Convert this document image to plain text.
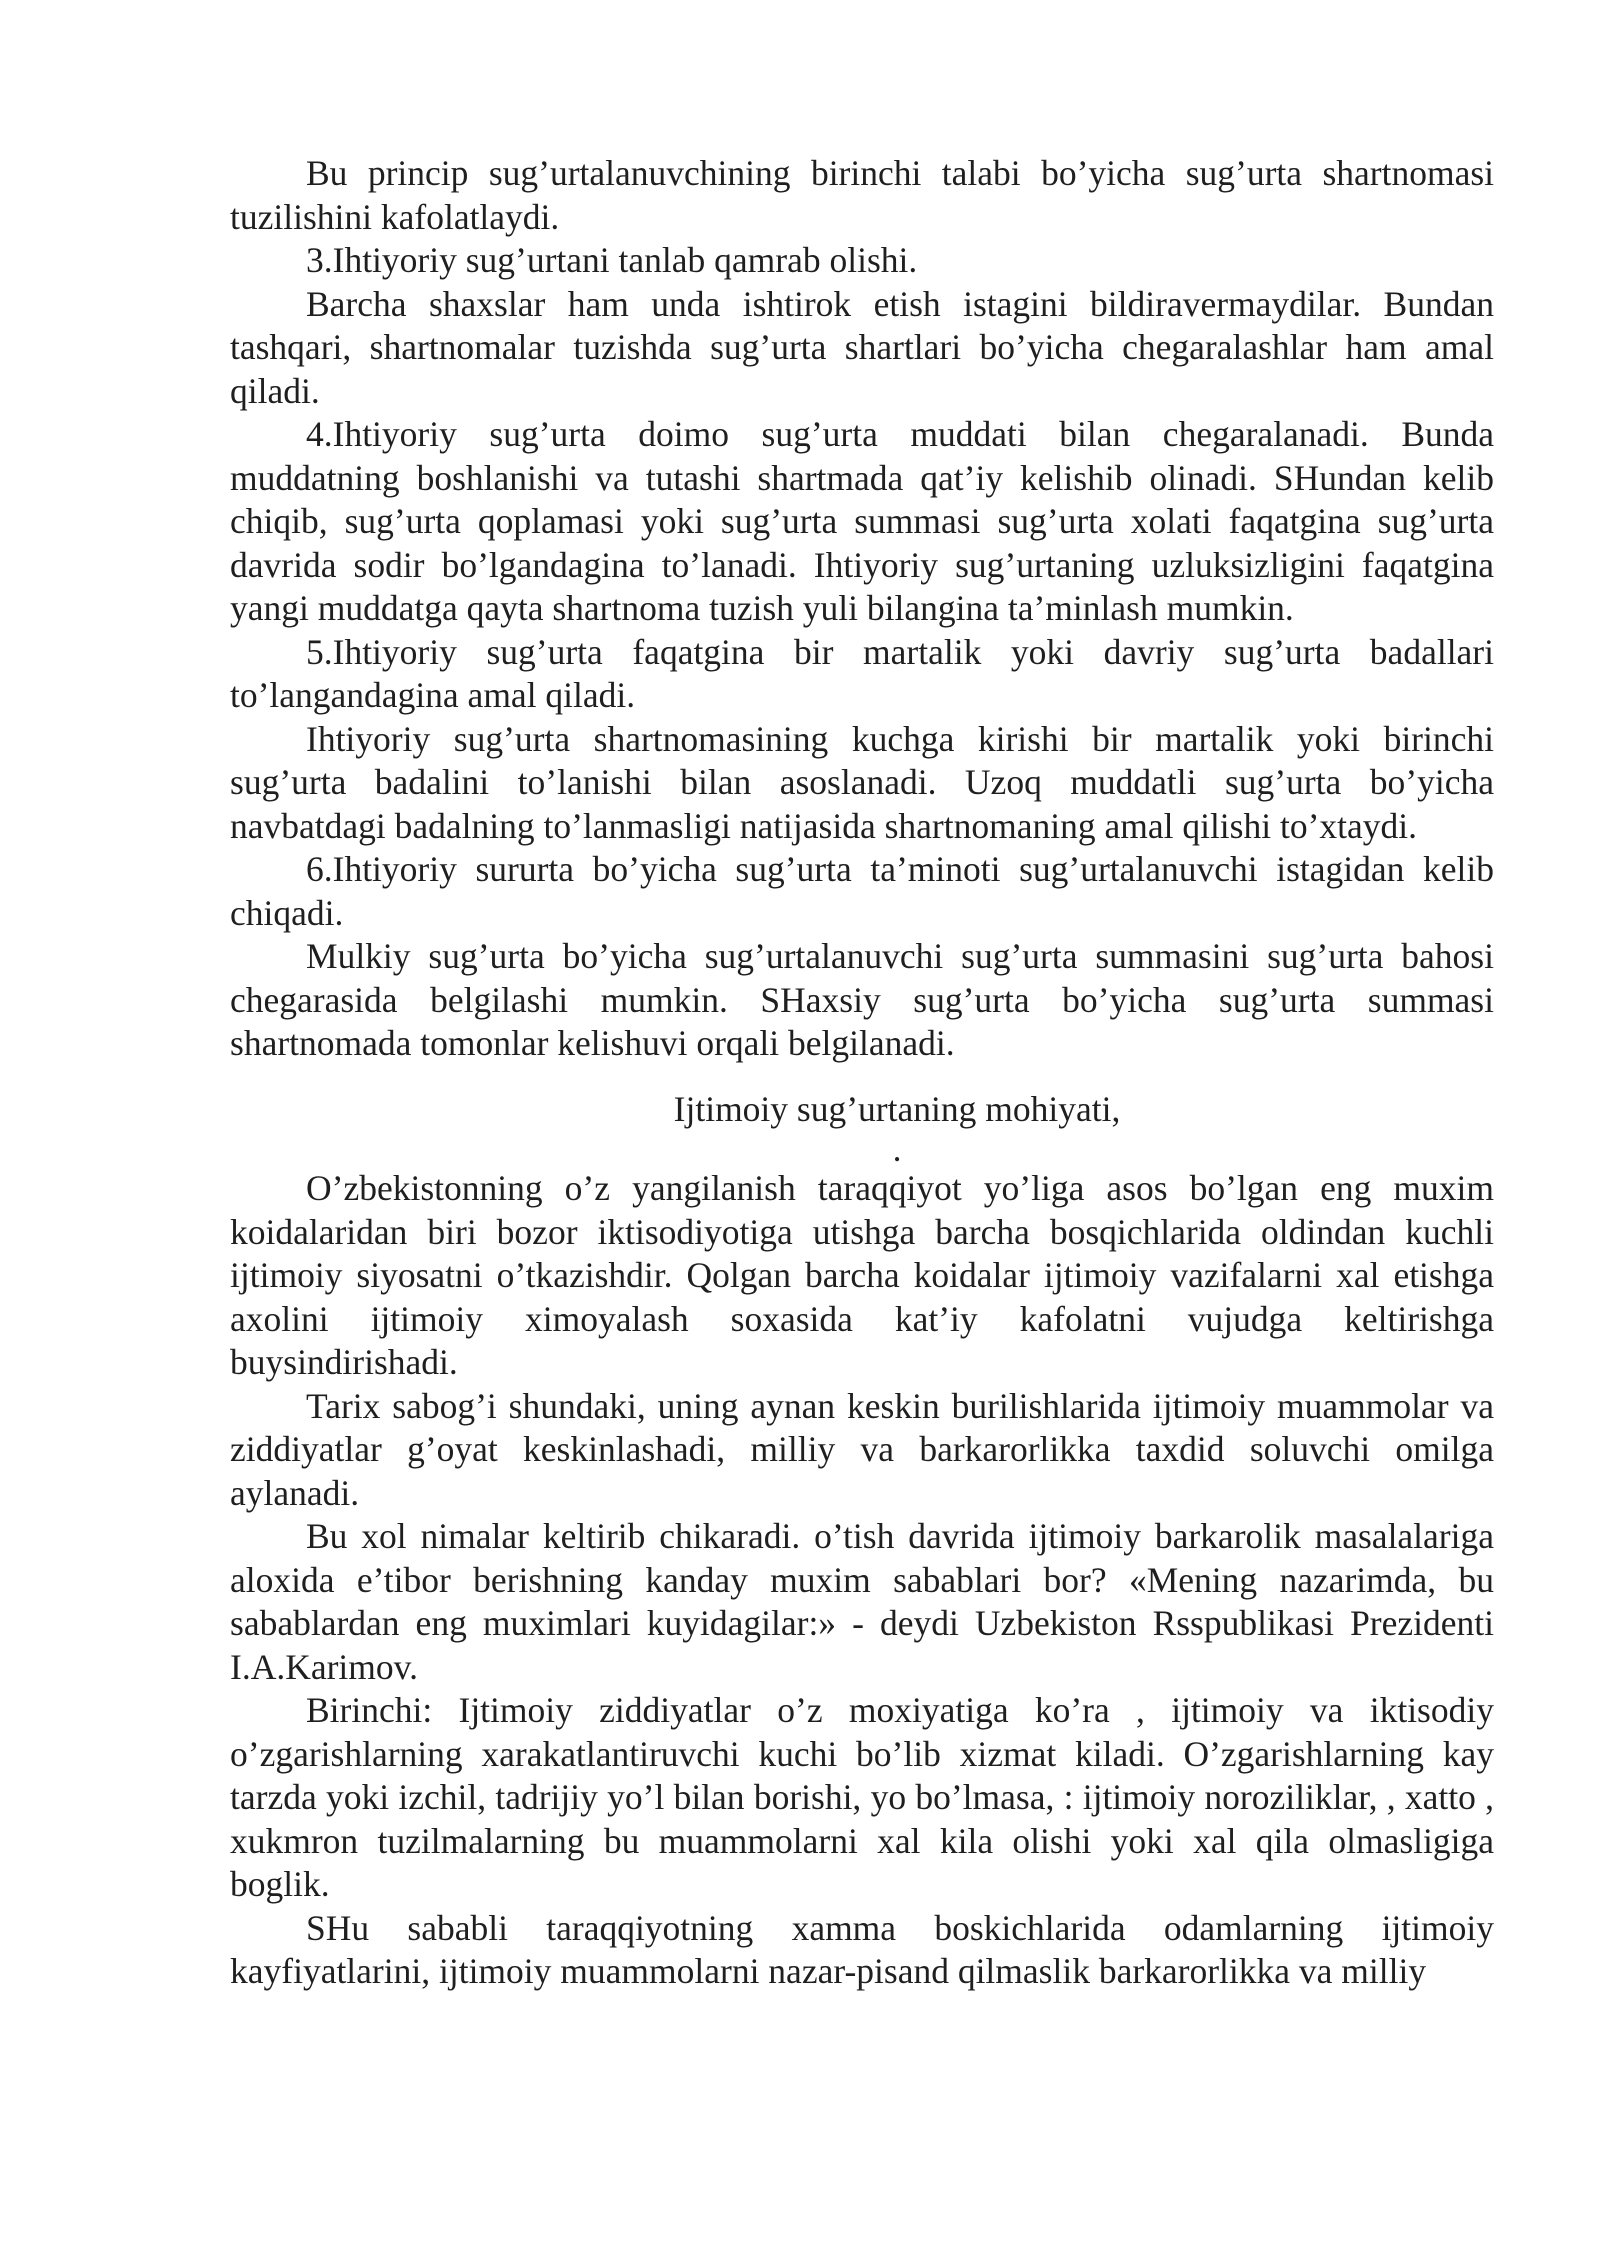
Bu princip sug’urtalanuvchining birinchi talabi bo’yicha sug’urta shartnomasi tuzilishini kafolatlaydi.

3.Ihtiyoriy sug’urtani tanlab qamrab olishi.

Barcha shaxslar ham unda ishtirok etish istagini bildiravermaydilar. Bundan tashqari, shartnomalar tuzishda sug’urta shartlari bo’yicha chegaralashlar ham amal qiladi.

4.Ihtiyoriy sug’urta doimo sug’urta muddati bilan chegaralanadi. Bunda muddatning boshlanishi va tutashi shartmada qat’iy kelishib olinadi. SHundan kelib chiqib, sug’urta qoplamasi yoki sug’urta summasi sug’urta xolati faqatgina sug’urta davrida sodir bo’lgandagina to’lanadi. Ihtiyoriy sug’urtaning uzluksizligini faqatgina yangi muddatga qayta shartnoma tuzish yuli bilangina ta’minlash mumkin.

5.Ihtiyoriy sug’urta faqatgina bir martalik yoki davriy sug’urta badallari to’langandagina amal qiladi.

Ihtiyoriy sug’urta shartnomasining kuchga kirishi bir martalik yoki birinchi sug’urta badalini to’lanishi bilan asoslanadi. Uzoq muddatli sug’urta bo’yicha navbatdagi badalning to’lanmasligi natijasida shartnomaning amal qilishi to’xtaydi.

6.Ihtiyoriy sururta bo’yicha sug’urta ta’minoti sug’urtalanuvchi istagidan kelib chiqadi.

Mulkiy sug’urta bo’yicha sug’urtalanuvchi sug’urta summasini sug’urta bahosi chegarasida belgilashi mumkin. SHaxsiy sug’urta bo’yicha sug’urta summasi shartnomada tomonlar kelishuvi orqali belgilanadi.

Ijtimoiy sug’urtaning mohiyati,

.

O’zbekistonning o’z yangilanish taraqqiyot yo’liga asos bo’lgan eng muxim koidalaridan biri bozor iktisodiyotiga utishga barcha bosqichlarida oldindan kuchli ijtimoiy siyosatni o’tkazishdir. Qolgan barcha koidalar ijtimoiy vazifalarni xal etishga axolini ijtimoiy ximoyalash soxasida kat’iy kafolatni vujudga keltirishga buysindirishadi.

Tarix sabog’i shundaki, uning aynan keskin burilishlarida ijtimoiy muammolar va ziddiyatlar g’oyat keskinlashadi, milliy va barkarorlikka taxdid soluvchi omilga aylanadi.

Bu xol nimalar keltirib chikaradi. o’tish davrida ijtimoiy barkarolik masalalariga aloxida e’tibor berishning kanday muxim sabablari bor? «Mening nazarimda, bu sabablardan eng muximlari kuyidagilar:» - deydi Uzbekiston Rsspublikasi Prezidenti I.A.Karimov.

Birinchi: Ijtimoiy ziddiyatlar o’z moxiyatiga ko’ra , ijtimoiy va iktisodiy o’zgarishlarning xarakatlantiruvchi kuchi bo’lib xizmat kiladi. O’zgarishlarning kay tarzda yoki izchil, tadrijiy yo’l bilan borishi, yo bo’lmasa, : ijtimoiy noroziliklar, , xatto , xukmron tuzilmalarning bu muammolarni xal kila olishi yoki xal qila olmasligiga boglik.

SHu sababli taraqqiyotning xamma boskichlarida odamlarning ijtimoiy kayfiyatlarini, ijtimoiy muammolarni nazar-pisand qilmaslik barkarorlikka va milliy
